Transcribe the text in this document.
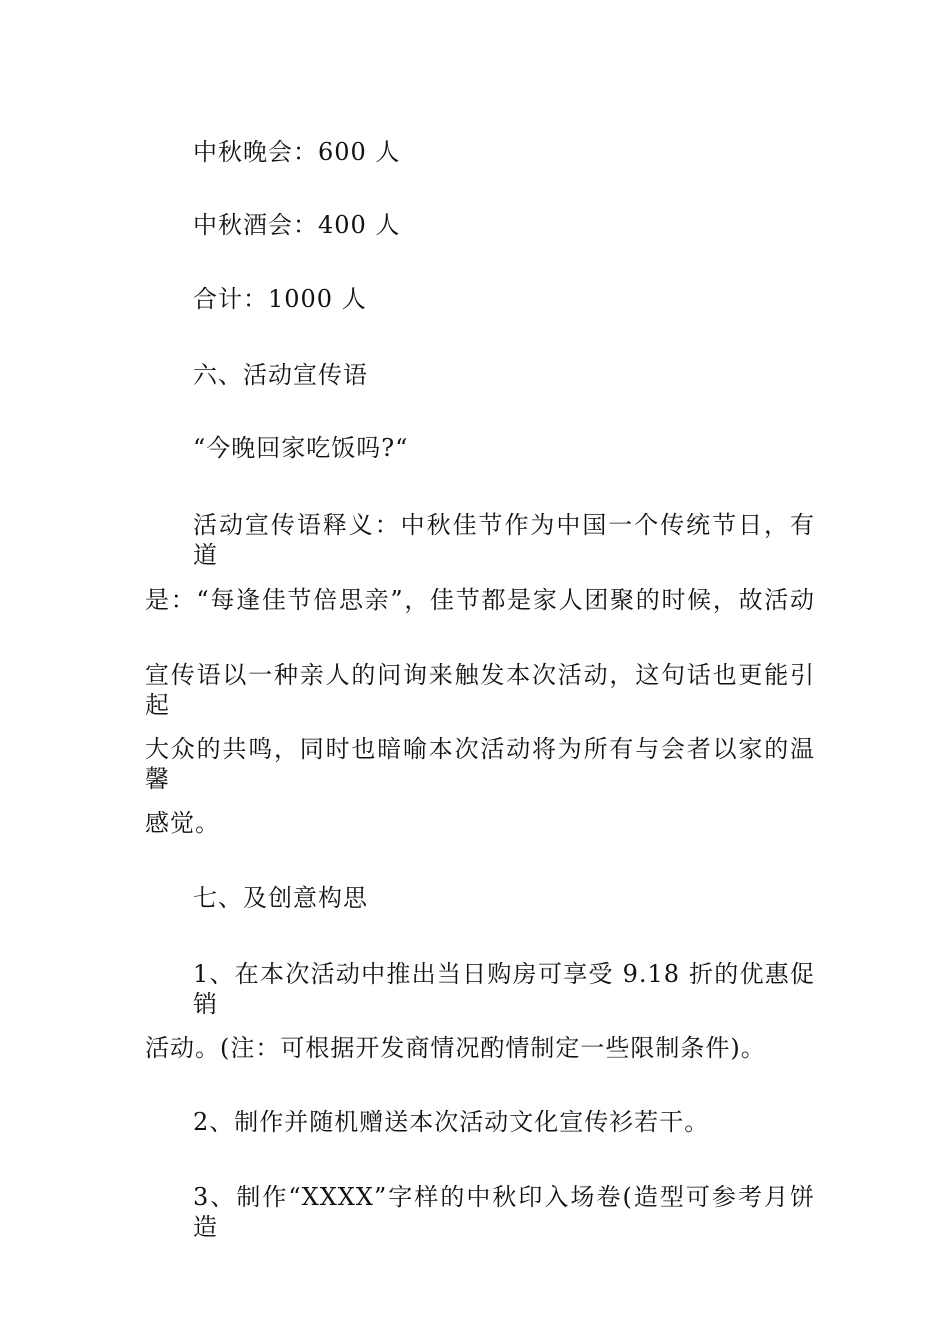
中秋晚会：600 人
中秋酒会：400 人
合计：1000 人
六、活动宣传语
“今晚回家吃饭吗?“
活动宣传语释义：中秋佳节作为中国一个传统节日，有道
是：“每逢佳节倍思亲”，佳节都是家人团聚的时候，故活动
宣传语以一种亲人的问询来触发本次活动，这句话也更能引起
大众的共鸣，同时也暗喻本次活动将为所有与会者以家的温馨
感觉。
七、及创意构思
1、在本次活动中推出当日购房可享受 9.18 折的优惠促销
活动。(注：可根据开发商情况酌情制定一些限制条件)。
2、制作并随机赠送本次活动文化宣传衫若干。
3、制作“XXXX”字样的中秋印入场卷(造型可参考月饼造
